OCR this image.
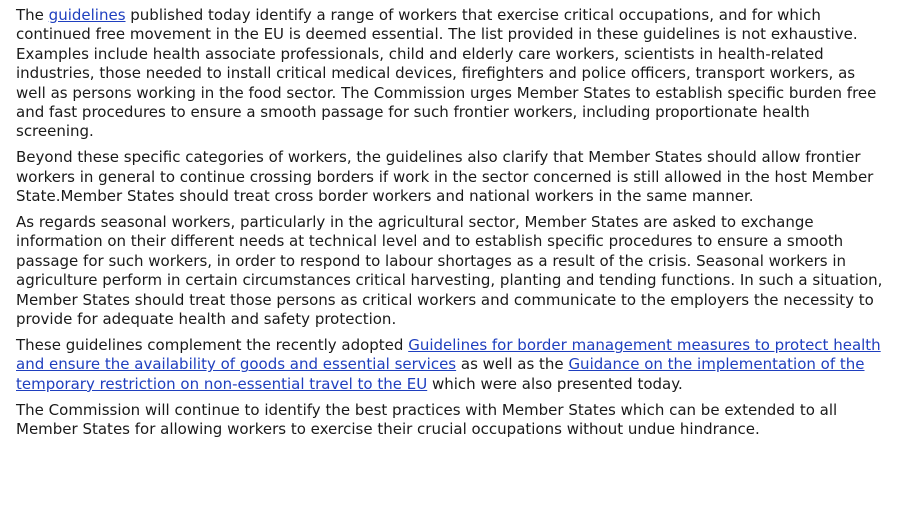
The guidelines published today identify a range of workers that exercise critical occupations, and for which continued free movement in the EU is deemed essential. The list provided in these guidelines is not exhaustive. Examples include health associate professionals, child and elderly care workers, scientists in health-related industries, those needed to install critical medical devices, firefighters and police officers, transport workers, as well as persons working in the food sector. The Commission urges Member States to establish specific burden free and fast procedures to ensure a smooth passage for such frontier workers, including proportionate health screening.

Beyond these specific categories of workers, the guidelines also clarify that Member States should allow frontier workers in general to continue crossing borders if work in the sector concerned is still allowed in the host Member State.Member States should treat cross border workers and national workers in the same manner.

As regards seasonal workers, particularly in the agricultural sector, Member States are asked to exchange information on their different needs at technical level and to establish specific procedures to ensure a smooth passage for such workers, in order to respond to labour shortages as a result of the crisis. Seasonal workers in agriculture perform in certain circumstances critical harvesting, planting and tending functions. In such a situation, Member States should treat those persons as critical workers and communicate to the employers the necessity to provide for adequate health and safety protection.

These guidelines complement the recently adopted Guidelines for border management measures to protect health and ensure the availability of goods and essential services as well as the Guidance on the implementation of the temporary restriction on non-essential travel to the EU which were also presented today.

The Commission will continue to identify the best practices with Member States which can be extended to all Member States for allowing workers to exercise their crucial occupations without undue hindrance.
